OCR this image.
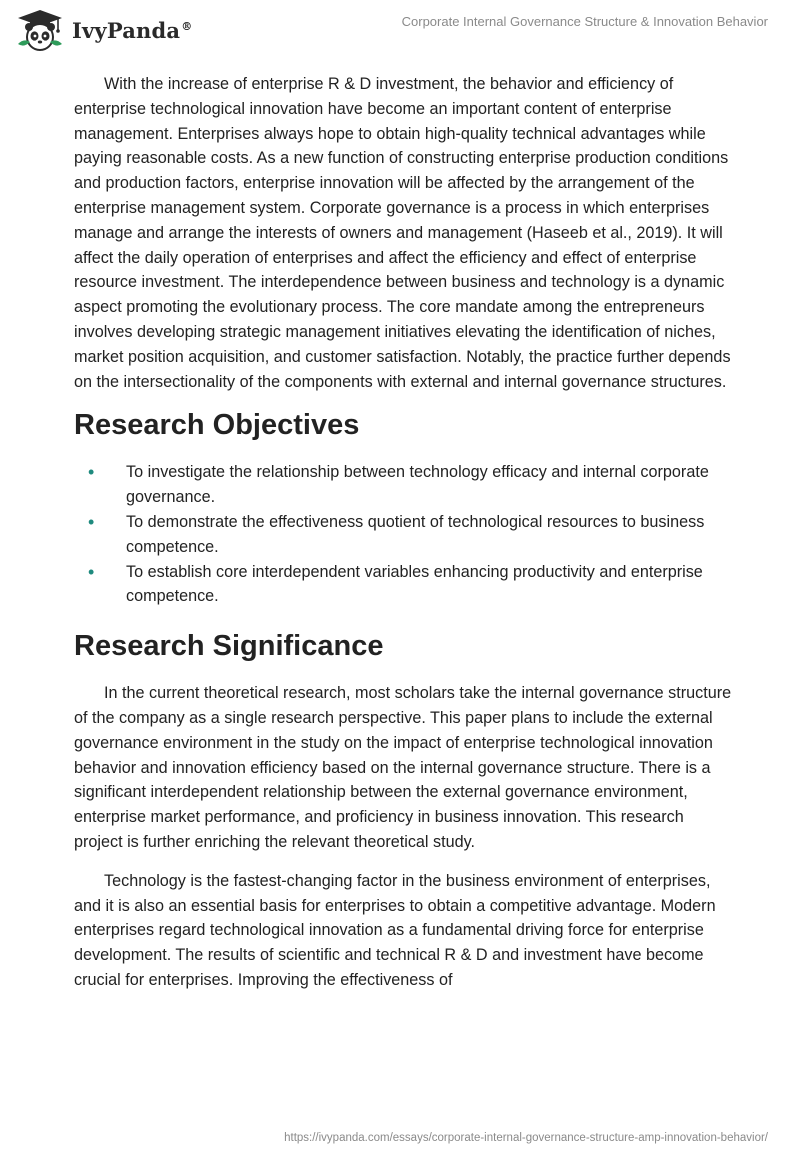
IvyPanda®	Corporate Internal Governance Structure & Innovation Behavior

With the increase of enterprise R & D investment, the behavior and efficiency of enterprise technological innovation have become an important content of enterprise management. Enterprises always hope to obtain high-quality technical advantages while paying reasonable costs. As a new function of constructing enterprise production conditions and production factors, enterprise innovation will be affected by the arrangement of the enterprise management system. Corporate governance is a process in which enterprises manage and arrange the interests of owners and management (Haseeb et al., 2019). It will affect the daily operation of enterprises and affect the efficiency and effect of enterprise resource investment. The interdependence between business and technology is a dynamic aspect promoting the evolutionary process. The core mandate among the entrepreneurs involves developing strategic management initiatives elevating the identification of niches, market position acquisition, and customer satisfaction. Notably, the practice further depends on the intersectionality of the components with external and internal governance structures.

Research Objectives
• To investigate the relationship between technology efficacy and internal corporate governance.
• To demonstrate the effectiveness quotient of technological resources to business competence.
• To establish core interdependent variables enhancing productivity and enterprise competence.
Research Significance

In the current theoretical research, most scholars take the internal governance structure of the company as a single research perspective. This paper plans to include the external governance environment in the study on the impact of enterprise technological innovation behavior and innovation efficiency based on the internal governance structure. There is a significant interdependent relationship between the external governance environment, enterprise market performance, and proficiency in business innovation. This research project is further enriching the relevant theoretical study.

Technology is the fastest-changing factor in the business environment of enterprises, and it is also an essential basis for enterprises to obtain a competitive advantage. Modern enterprises regard technological innovation as a fundamental driving force for enterprise development. The results of scientific and technical R & D and investment have become crucial for enterprises. Improving the effectiveness of

https://ivypanda.com/essays/corporate-internal-governance-structure-amp-innovation-behavior/
